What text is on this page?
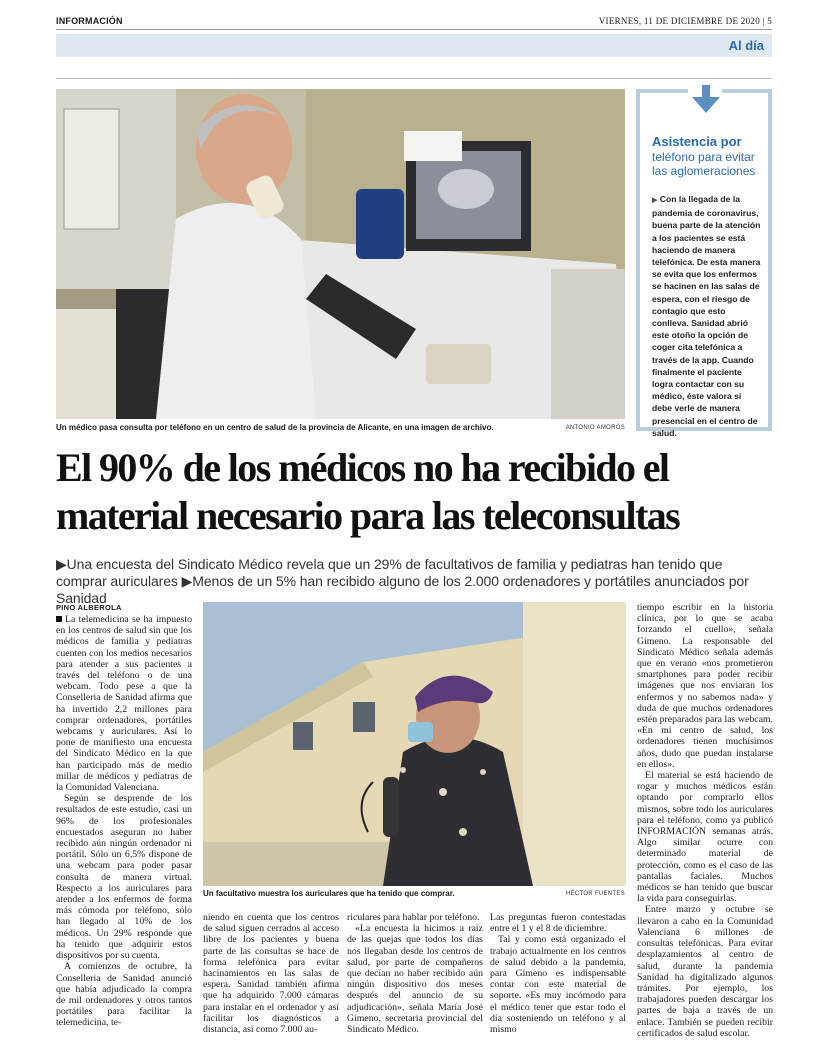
INFORMACIÓN	VIERNES, 11 DE DICIEMBRE DE 2020 | 5
Al día
Un médico pasa consulta por teléfono en un centro de salud de la provincia de Alicante, en una imagen de archivo.	ANTONIO AMORÓS
Asistencia por
teléfono para evitar las aglomeraciones
▶ Con la llegada de la pandemia de coronavirus, buena parte de la atención a los pacientes se está haciendo de manera telefónica. De esta manera se evita que los enfermos se hacinen en las salas de espera, con el riesgo de contagio que esto conlleva. Sanidad abrió este otoño la opción de coger cita telefónica a través de la app. Cuando finalmente el paciente logra contactar con su médico, éste valora si debe verle de manera presencial en el centro de salud.
El 90% de los médicos no ha recibido el material necesario para las teleconsultas
▶Una encuesta del Sindicato Médico revela que un 29% de facultativos de familia y pediatras han tenido que comprar auriculares ▶Menos de un 5% han recibido alguno de los 2.000 ordenadores y portátiles anunciados por Sanidad
PINO ALBEROLA

La telemedicina se ha impuesto en los centros de salud sin que los médicos de familia y pediatras cuenten con los medios necesarios para atender a sus pacientes a través del teléfono o de una webcam. Todo pese a que la Conselleria de Sanidad afirma que ha invertido 2,2 millones para comprar ordenadores, portátiles webcams y auriculares. Así lo pone de manifiesto una encuesta del Sindicato Médico en la que han participado más de medio millar de médicos y pediatras de la Comunidad Valenciana.

Según se desprende de los resultados de este estudio, casi un 96% de los profesionales encuestados aseguran no haber recibido aún ningún ordenador ni portátil. Sólo un 6,5% dispone de una webcam para poder pasar consulta de manera virtual. Respecto a los auriculares para atender a los enfermos de forma más cómoda por teléfono, sólo han llegado al 10% de los médicos. Un 29% responde que ha tenido que adquirir estos dispositivos por su cuenta.

A comienzos de octubre, la Conselleria de Sanidad anunció que había adjudicado la compra de mil ordenadores y otros tantos portátiles para facilitar la telemedicina, te-

Un facultativo muestra los auriculares que ha tenido que comprar.	HÉCTOR FUENTES

niendo en cuenta que los centros de salud siguen cerrados al acceso libre de los pacientes y buena parte de las consultas se hace de forma telefónica para evitar hacinamientos en las salas de espera. Sanidad también afirma que ha adquirido 7.000 cámaras para instalar en el ordenador y así facilitar los diagnósticos a distancia, así como 7.000 au-

riculares para hablar por teléfono.

«La encuesta la hicimos a raíz de las quejas que todos los días nos llegaban desde los centros de salud, por parte de compañeros que decían no haber recibido aún ningún dispositivo dos meses después del anuncio de su adjudicación», señala María José Gimeno, secretaria provincial del Sindicato Médico.

Las preguntas fueron contestadas entre el 1 y el 8 de diciembre.

Tal y como está organizado el trabajo actualmente en los centros de salud debido a la pandemia, para Gimeno es indispensable contar con este material de soporte. «Es muy incómodo para el médico tener que estar todo el día sosteniendo un teléfono y al mismo

tiempo escribir en la historia clínica, por lo que se acaba forzando el cuello», señala Gimeno. La responsable del Sindicato Médico señala además que en verano «nos prometieron smartphones para poder recibir imágenes que nos enviaran los enfermos y no sabemos nada» y duda de que muchos ordenadores estén preparados para las webcam. «En mi centro de salud, los ordenadores tienen muchísimos años, dudo que puedan instalarse en ellos».

El material se está haciendo de rogar y muchos médicos están optando por comprarlo ellos mismos, sobre todo los auriculares para el teléfono, como ya publicó INFORMACIÓN semanas atrás. Algo similar ocurre con determinado material de protección, como es el caso de las pantallas faciales. Muchos médicos se han tenido que buscar la vida para conseguirlas.

Entre marzo y octubre se llevaron a cabo en la Comunidad Valenciana 6 millones de consultas telefónicas. Para evitar desplazamientos al centro de salud, durante la pandemia Sanidad ha digitalizado algunos trámites. Por ejemplo, los trabajadores pueden descargar los partes de baja a través de un enlace. También se pueden recibir certificados de salud escolar.
